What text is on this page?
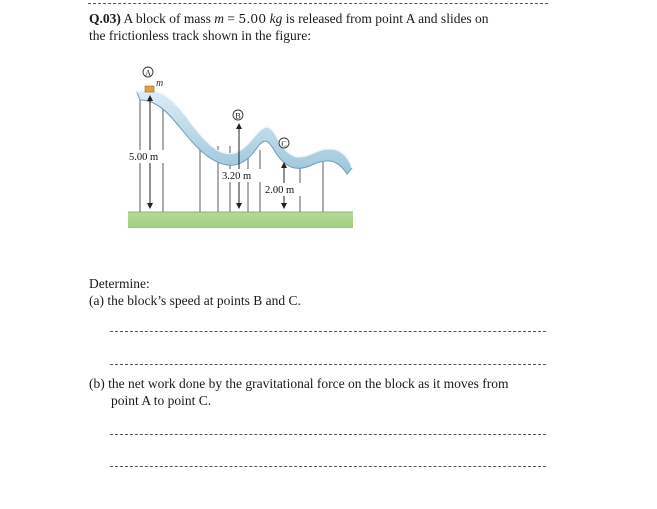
Q.03) A block of mass m = 5.00 kg is released from point A and slides on
the frictionless track shown in the figure:
m
A
B
C
5.00 m
3.20 m
2.00 m
Determine:
(a) the block’s speed at points B and C.
(b) the net work done by the gravitational force on the block as it moves from
point A to point C.
